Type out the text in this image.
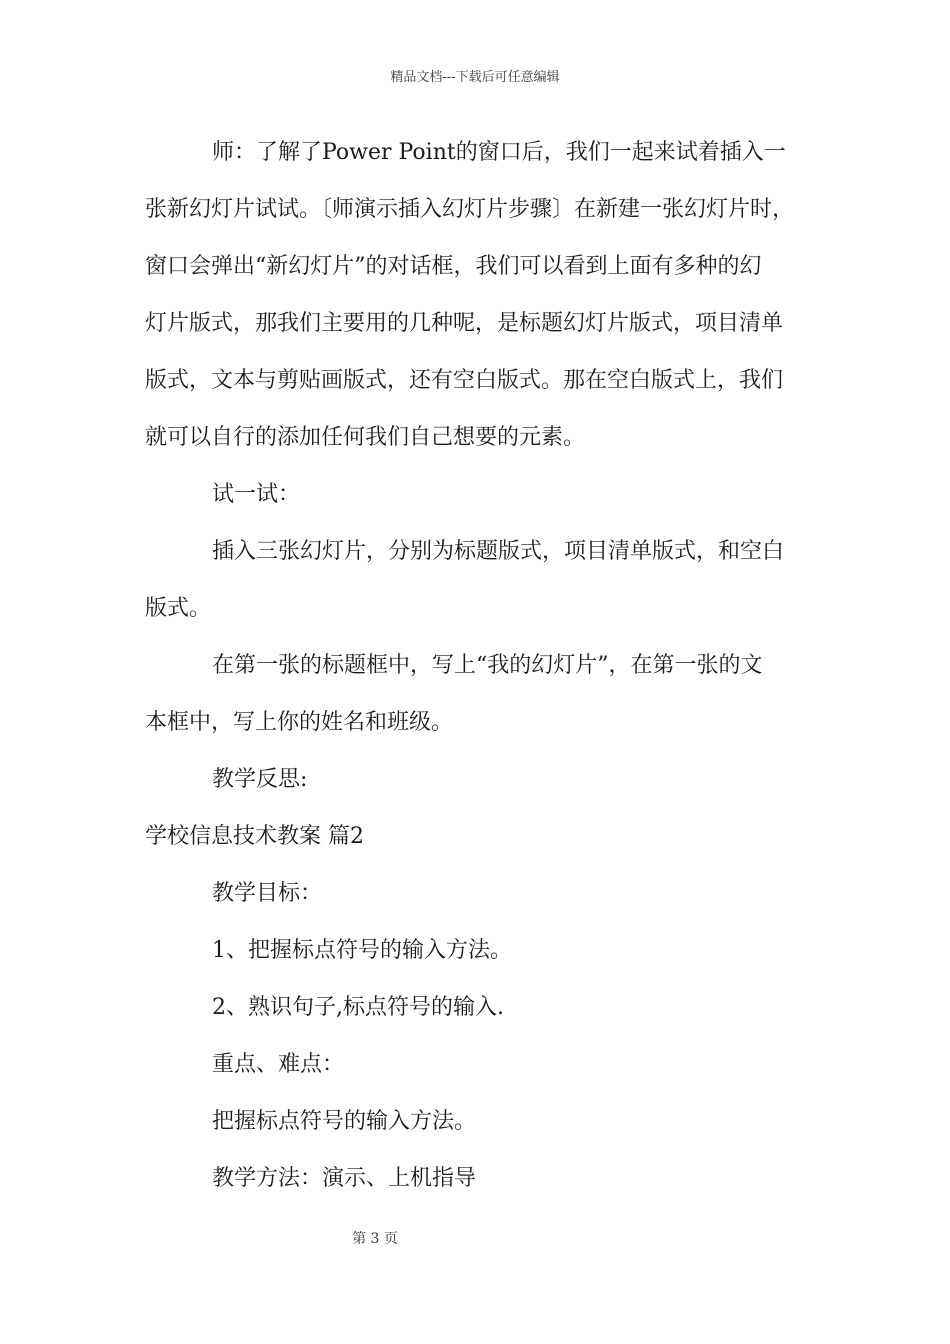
精品文档---下载后可任意编辑
师：了解了Power Point的窗口后，我们一起来试着插入一
张新幻灯片试试。〔师演示插入幻灯片步骤〕在新建一张幻灯片时，
窗口会弹出“新幻灯片”的对话框，我们可以看到上面有多种的幻
灯片版式，那我们主要用的几种呢，是标题幻灯片版式，项目清单
版式，文本与剪贴画版式，还有空白版式。那在空白版式上，我们
就可以自行的添加任何我们自己想要的元素。
试一试：
插入三张幻灯片，分别为标题版式，项目清单版式，和空白
版式。
在第一张的标题框中，写上“我的幻灯片”，在第一张的文
本框中，写上你的姓名和班级。
教学反思:
学校信息技术教案 篇2
教学目标：
1、把握标点符号的输入方法。
2、熟识句子,标点符号的输入.
重点、难点：
把握标点符号的输入方法。
教学方法：演示、上机指导
第 3 页
